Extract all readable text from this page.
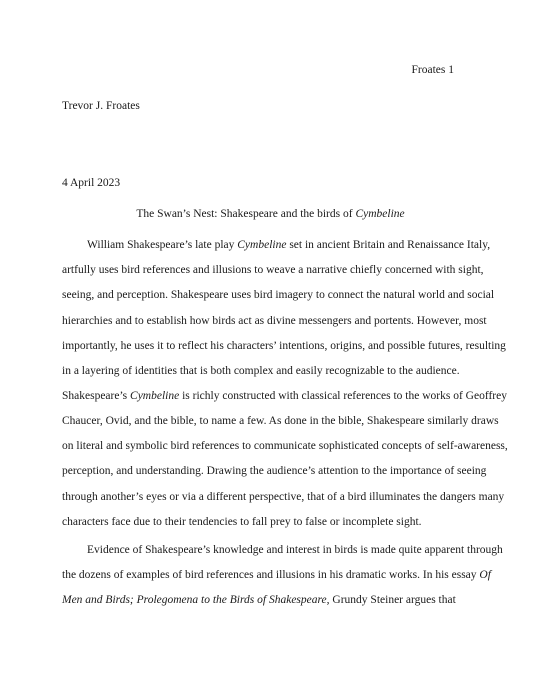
Froates 1
Trevor J. Froates
4 April 2023
The Swan’s Nest: Shakespeare and the birds of Cymbeline
William Shakespeare’s late play Cymbeline set in ancient Britain and Renaissance Italy,
artfully uses bird references and illusions to weave a narrative chiefly concerned with sight,
seeing, and perception. Shakespeare uses bird imagery to connect the natural world and social
hierarchies and to establish how birds act as divine messengers and portents. However, most
importantly, he uses it to reflect his characters’ intentions, origins, and possible futures, resulting
in a layering of identities that is both complex and easily recognizable to the audience.
Shakespeare’s Cymbeline is richly constructed with classical references to the works of Geoffrey
Chaucer, Ovid, and the bible, to name a few. As done in the bible, Shakespeare similarly draws
on literal and symbolic bird references to communicate sophisticated concepts of self-awareness,
perception, and understanding. Drawing the audience’s attention to the importance of seeing
through another’s eyes or via a different perspective, that of a bird illuminates the dangers many
characters face due to their tendencies to fall prey to false or incomplete sight.
Evidence of Shakespeare’s knowledge and interest in birds is made quite apparent through
the dozens of examples of bird references and illusions in his dramatic works. In his essay Of
Men and Birds; Prolegomena to the Birds of Shakespeare, Grundy Steiner argues that
